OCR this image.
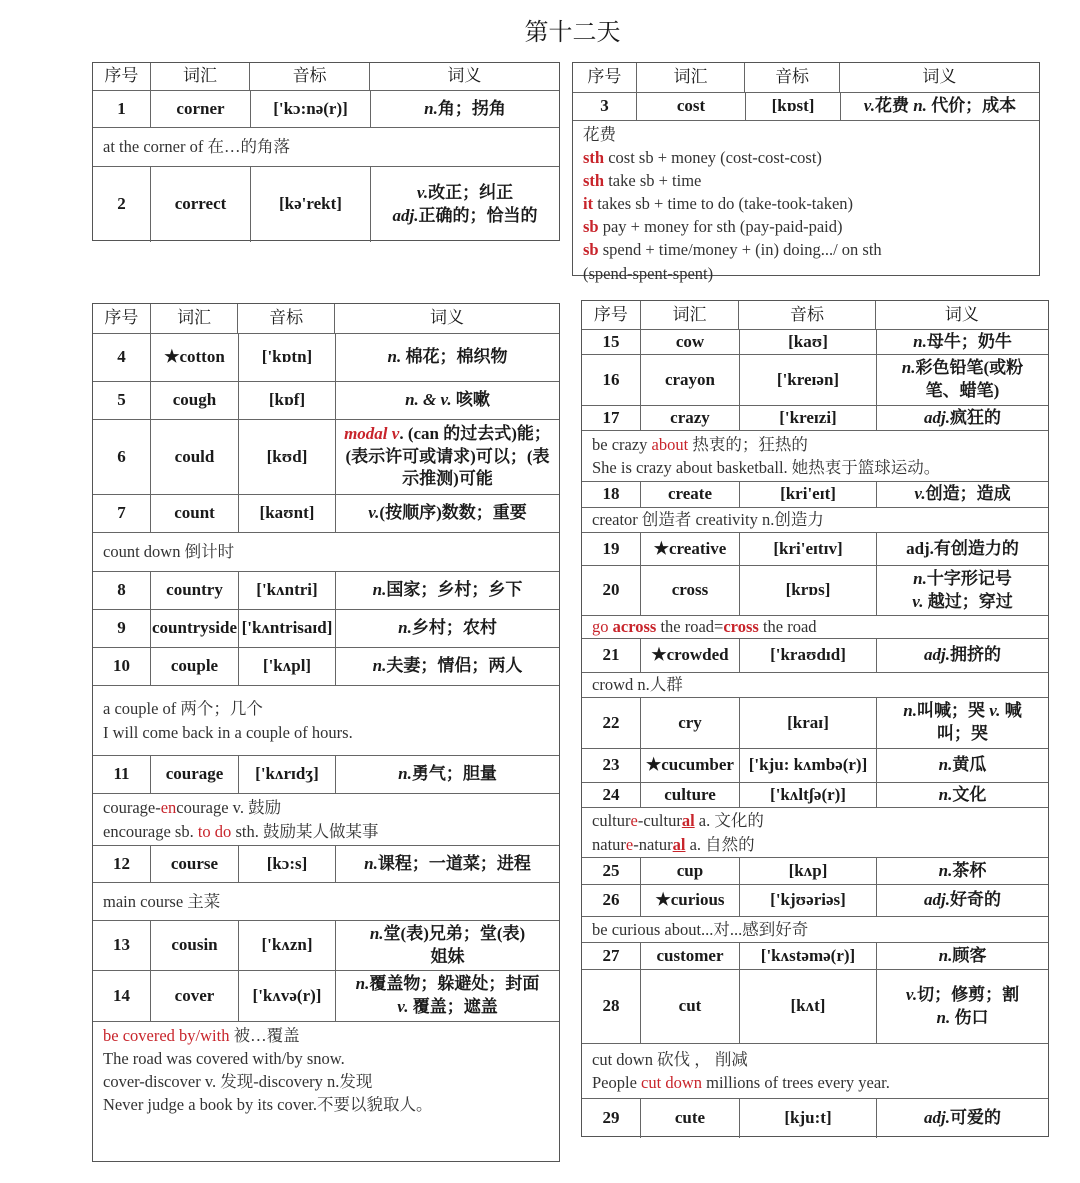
第十二天
序号	词汇	音标	词义
1	corner	['kɔ:nə(r)]	n.角；拐角
at the corner of 在…的角落
2	correct	[kə'rekt]
v.改正；纠正
adj.正确的；恰当的
序号	词汇	音标	词义
3	cost	[kɒst]	v.花费 n. 代价；成本
花费
sth cost sb + money (cost-cost-cost)
sth take sb + time
it takes sb + time to do (take-took-taken)
sb pay + money for sth (pay-paid-paid)
sb spend + time/money + (in) doing.../ on sth
(spend-spent-spent)
序号	词汇	音标	词义
4	★cotton	['kɒtn]	n. 棉花；棉织物
5	cough	[kɒf]	n. & v. 咳嗽
6	could	[kʊd]
modal v. (can 的过去式)能；
(表示许可或请求)可以；(表
示推测)可能
7	count	[kaʊnt]	v.(按顺序)数数；重要
count down 倒计时
8	country	['kʌntri]	n.国家；乡村；乡下
9	countryside ['kʌntrisaɪd]	n.乡村；农村
10	couple	['kʌpl]	n.夫妻；情侣；两人
a couple of 两个；几个
I will come back in a couple of hours.
11	courage	['kʌrɪdʒ]	n.勇气；胆量
courage-encourage v. 鼓励
encourage sb. to do sth. 鼓励某人做某事
12	course	[kɔ:s]	n.课程；一道菜；进程
main course 主菜
13	cousin	['kʌzn]
n.堂(表)兄弟；堂(表)
姐妹
14	cover	['kʌvə(r)]
n.覆盖物；躲避处；封面
v. 覆盖；遮盖
be covered by/with 被…覆盖
The road was covered with/by snow.
cover-discover v. 发现-discovery n.发现
Never judge a book by its cover.不要以貌取人。
序号	词汇	音标	词义
15	cow	[kaʊ]	n.母牛；奶牛
16	crayon	['kreɪən]
n.彩色铅笔(或粉
笔、蜡笔)
17	crazy	['kreɪzi]	adj.疯狂的
be crazy about 热衷的；狂热的
She is crazy about basketball. 她热衷于篮球运动。
18	create	[kri'eɪt]	v.创造；造成
creator 创造者 creativity n.创造力
19	★creative	[kri'eɪtɪv]	adj.有创造力的
20	cross	[krɒs]
n.十字形记号
v. 越过；穿过
go across the road=cross the road
21	★crowded	['kraʊdɪd]	adj.拥挤的
crowd n.人群
22	cry	[kraɪ]
n.叫喊；哭 v. 喊
叫；哭
23	★cucumber ['kju: kʌmbə(r)]	n.黄瓜
24	culture	['kʌltʃə(r)]	n.文化
culture-cultural a. 文化的
nature-natural a. 自然的
25	cup	[kʌp]	n.茶杯
26	★curious	['kjʊəriəs]	adj.好奇的
be curious about...对...感到好奇
27	customer	['kʌstəmə(r)]	n.顾客
28	cut	[kʌt]
v.切；修剪；割
n. 伤口
cut down 砍伐 ， 削减
People cut down millions of trees every year.
29	cute	[kju:t]	adj.可爱的
